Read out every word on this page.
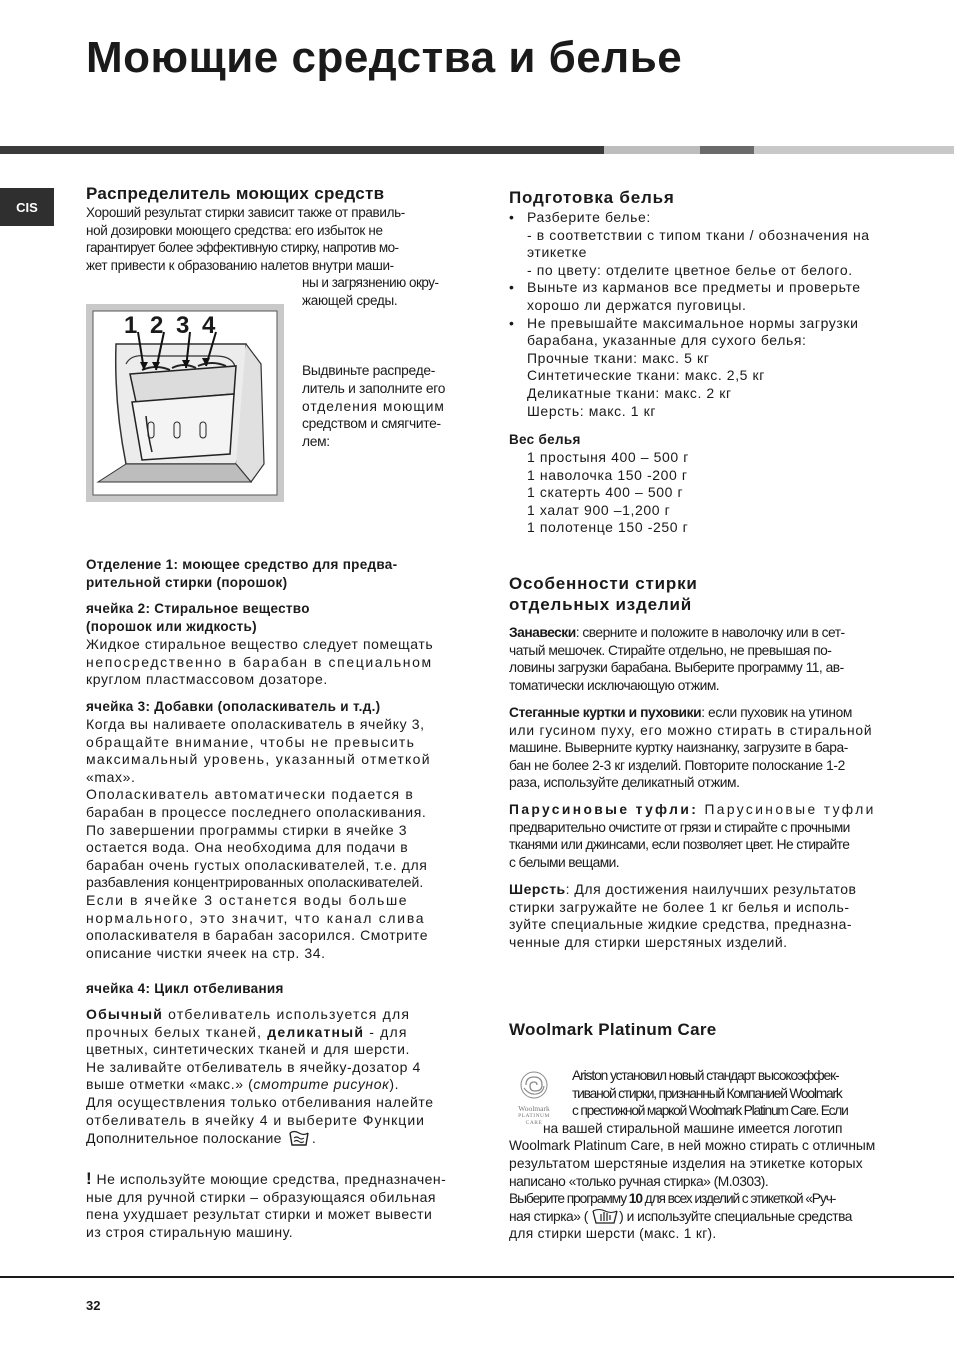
Моющие средства и белье
CIS
Распределитель моющих средств
Хороший результат стирки зависит также от правиль-
ной дозировки моющего средства: его избыток не
гарантирует более эффективную стирку, напротив мо-
жет привести к образованию налетов внутри маши-
ны и загрязнению окру-
жающей среды.
1 2 3 4
Выдвиньте распреде-
литель и заполните его
отделения моющим
средством и смягчите-
лем:
Отделение 1: моющее средство для предва-
рительной стирки (порошок)
ячейка 2: Стиральное вещество
(порошок или жидкость)
Жидкое стиральное вещество следует помещать
непосредственно в барабан в специальном
круглом пластмассовом дозаторе.
ячейка 3: Добавки (ополаскиватель и т.д.)
Когда вы наливаете ополаскиватель в ячейку 3,
обращайте внимание, чтобы не превысить
максимальный уровень, указанный отметкой
«max».
Ополаскиватель автоматически подается в
барабан в процессе последнего ополаскивания.
По завершении программы стирки в ячейке 3
остается вода. Она необходима для подачи в
барабан очень густых ополаскивателей, т.е. для
разбавления концентрированных ополаскивателей.
Если в ячейке 3 останется воды больше
нормального, это значит, что канал слива
ополаскивателя в барабан засорился. Смотрите
описание чистки ячеек на стр. 34.
ячейка 4: Цикл отбеливания
Обычный отбеливатель используется для
прочных белых тканей, деликатный - для
цветных, синтетических тканей и для шерсти.
Не заливайте отбеливатель в ячейку-дозатор 4
выше отметки «макс.» (смотрите рисунок).
Для осуществления только отбеливания налейте
отбеливатель в ячейку 4 и выберите Функции
Дополнительное полоскание .
! Не используйте моющие средства, предназначен-
ные для ручной стирки – образующаяся обильная
пена ухудшает результат стирки и может вывести
из строя стиральную машину.
Подготовка белья
• Разберите белье:
- в соответствии с типом ткани / обозначения на
этикетке
- по цвету: отделите цветное белье от белого.
• Выньте из карманов все предметы и проверьте
хорошо ли держатся пуговицы.
• Не превышайте максимальное нормы загрузки
барабана, указанные для сухого белья:
Прочные ткани: макс. 5 кг
Синтетические ткани: макс. 2,5 кг
Деликатные ткани: макс. 2 кг
Шерсть: макс. 1 кг
Вес белья
1 простыня 400 – 500 г
1 наволочка 150 -200 г
1 скатерть 400 – 500 г
1 халат 900 –1,200 г
1 полотенце 150 -250 г
Особенности стирки
отдельных изделий
Занавески: сверните и положите в наволочку или в сет-
чатый мешочек. Стирайте отдельно, не превышая по-
ловины загрузки барабана. Выберите программу 11, ав-
томатически исключающую отжим.
Стеганные куртки и пуховики: если пуховик на утином
или гусином пуху, его можно стирать в стиральной
машине. Выверните куртку наизнанку, загрузите в бара-
бан не более 2-3 кг изделий. Повторите полоскание 1-2
раза, используйте деликатный отжим.
Парусиновые туфли: Парусиновые туфли
предварительно очистите от грязи и стирайте с прочными
тканями или джинсами, если позволяет цвет. Не стирайте
с белыми вещами.
Шерсть: Для достижения наилучших результатов
стирки загружайте не более 1 кг белья и исполь-
зуйте специальные жидкие средства, предназна-
ченные для стирки шерстяных изделий.
Woolmark Platinum Care
Woolmark
PLATINUM
CARE
Ariston установил новый стандарт высокоэффек-
тиваной стирки, признанный Компанией Woolmark
с престижной маркой Woolmark Platinum Care. Если
на вашей стиральной машине имеется логотип
Woolmark Platinum Care, в ней можно стирать с отличным
результатом шерстяные изделия на этикетке которых
написано «только ручная стирка» (M.0303).
Выберите программу 10 для всех изделий с этикеткой «Руч-
ная стирка» ( ) и используйте специальные средства
для стирки шерсти (макс. 1 кг).
32
